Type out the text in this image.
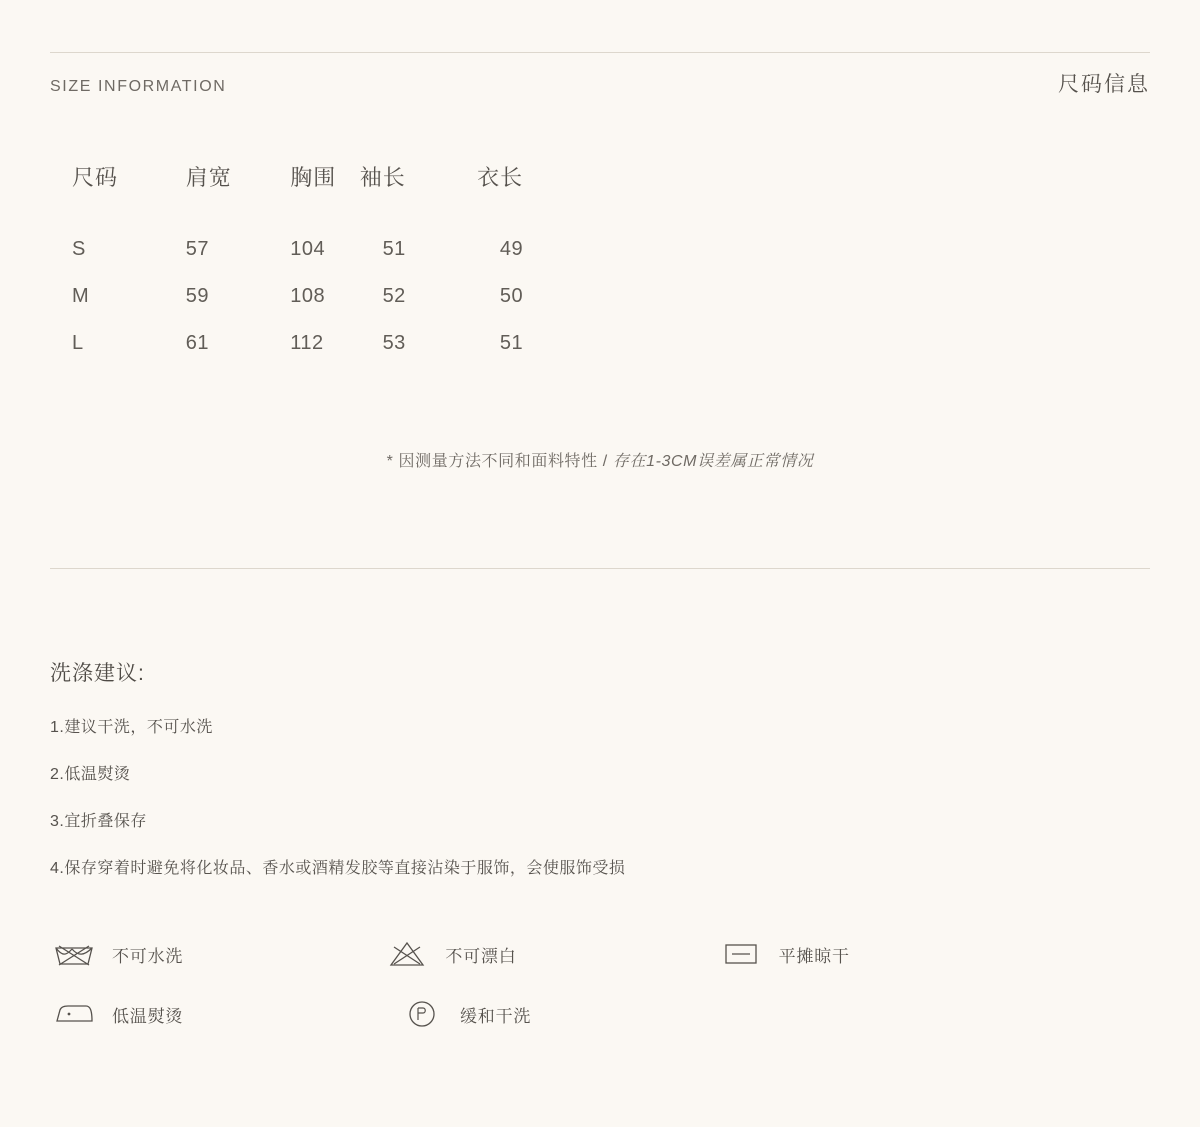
SIZE INFORMATION	尺码信息
尺码	肩宽	胸围	袖长	衣长
S	57	104	51	49
M	59	108	52	50
L	61	112	53	51
* 因测量方法不同和面料特性 / 存在1-3CM误差属正常情况
洗涤建议:
1.建议干洗，不可水洗
2.低温熨烫
3.宜折叠保存
4.保存穿着时避免将化妆品、香水或酒精发胶等直接沾染于服饰，会使服饰受损
不可水洗	不可漂白	平摊晾干
低温熨烫	缓和干洗
